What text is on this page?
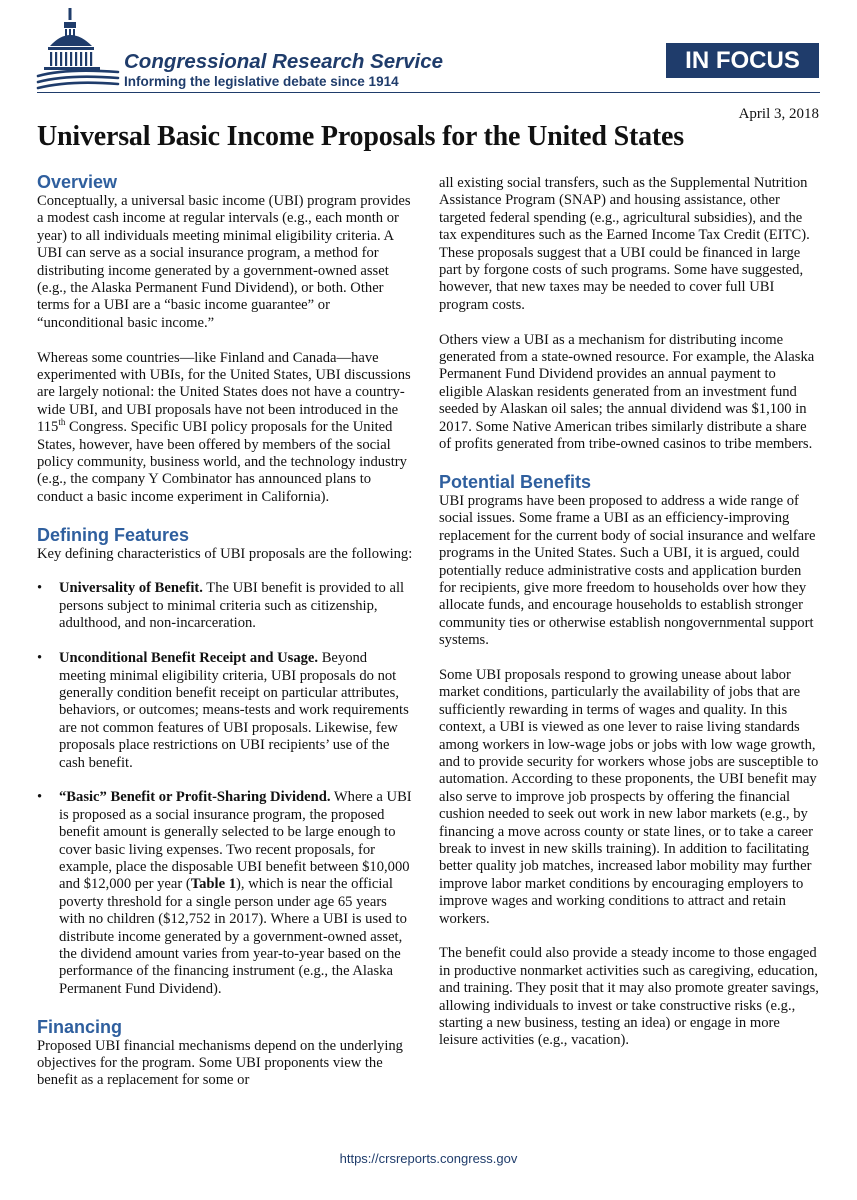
Congressional Research Service
Informing the legislative debate since 1914
IN FOCUS
April 3, 2018
Universal Basic Income Proposals for the United States
Overview

Conceptually, a universal basic income (UBI) program provides a modest cash income at regular intervals (e.g., each month or year) to all individuals meeting minimal eligibility criteria. A UBI can serve as a social insurance program, a method for distributing income generated by a government-owned asset (e.g., the Alaska Permanent Fund Dividend), or both. Other terms for a UBI are a “basic income guarantee” or “unconditional basic income.”

Whereas some countries—like Finland and Canada—have experimented with UBIs, for the United States, UBI discussions are largely notional: the United States does not have a country-wide UBI, and UBI proposals have not been introduced in the 115th Congress. Specific UBI policy proposals for the United States, however, have been offered by members of the social policy community, business world, and the technology industry (e.g., the company Y Combinator has announced plans to conduct a basic income experiment in California).

Defining Features

Key defining characteristics of UBI proposals are the following:

• Universality of Benefit. The UBI benefit is provided to all persons subject to minimal criteria such as citizenship, adulthood, and non-incarceration.
• Unconditional Benefit Receipt and Usage. Beyond meeting minimal eligibility criteria, UBI proposals do not generally condition benefit receipt on particular attributes, behaviors, or outcomes; means-tests and work requirements are not common features of UBI proposals. Likewise, few proposals place restrictions on UBI recipients’ use of the cash benefit.
• “Basic” Benefit or Profit-Sharing Dividend. Where a UBI is proposed as a social insurance program, the proposed benefit amount is generally selected to be large enough to cover basic living expenses. Two recent proposals, for example, place the disposable UBI benefit between $10,000 and $12,000 per year (Table 1), which is near the official poverty threshold for a single person under age 65 years with no children ($12,752 in 2017). Where a UBI is used to distribute income generated by a government-owned asset, the dividend amount varies from year-to-year based on the performance of the financing instrument (e.g., the Alaska Permanent Fund Dividend).
Financing

Proposed UBI financial mechanisms depend on the underlying objectives for the program. Some UBI proponents view the benefit as a replacement for some or

all existing social transfers, such as the Supplemental Nutrition Assistance Program (SNAP) and housing assistance, other targeted federal spending (e.g., agricultural subsidies), and the tax expenditures such as the Earned Income Tax Credit (EITC). These proposals suggest that a UBI could be financed in large part by forgone costs of such programs. Some have suggested, however, that new taxes may be needed to cover full UBI program costs.

Others view a UBI as a mechanism for distributing income generated from a state-owned resource. For example, the Alaska Permanent Fund Dividend provides an annual payment to eligible Alaskan residents generated from an investment fund seeded by Alaskan oil sales; the annual dividend was $1,100 in 2017. Some Native American tribes similarly distribute a share of profits generated from tribe-owned casinos to tribe members.

Potential Benefits

UBI programs have been proposed to address a wide range of social issues. Some frame a UBI as an efficiency-improving replacement for the current body of social insurance and welfare programs in the United States. Such a UBI, it is argued, could potentially reduce administrative costs and application burden for recipients, give more freedom to households over how they allocate funds, and encourage households to establish stronger community ties or otherwise establish nongovernmental support systems.

Some UBI proposals respond to growing unease about labor market conditions, particularly the availability of jobs that are sufficiently rewarding in terms of wages and quality. In this context, a UBI is viewed as one lever to raise living standards among workers in low-wage jobs or jobs with low wage growth, and to provide security for workers whose jobs are susceptible to automation. According to these proponents, the UBI benefit may also serve to improve job prospects by offering the financial cushion needed to seek out work in new labor markets (e.g., by financing a move across county or state lines, or to take a career break to invest in new skills training). In addition to facilitating better quality job matches, increased labor mobility may further improve labor market conditions by encouraging employers to improve wages and working conditions to attract and retain workers.

The benefit could also provide a steady income to those engaged in productive nonmarket activities such as caregiving, education, and training. They posit that it may also promote greater savings, allowing individuals to invest or take constructive risks (e.g., starting a new business, testing an idea) or engage in more leisure activities (e.g., vacation).

https://crsreports.congress.gov
